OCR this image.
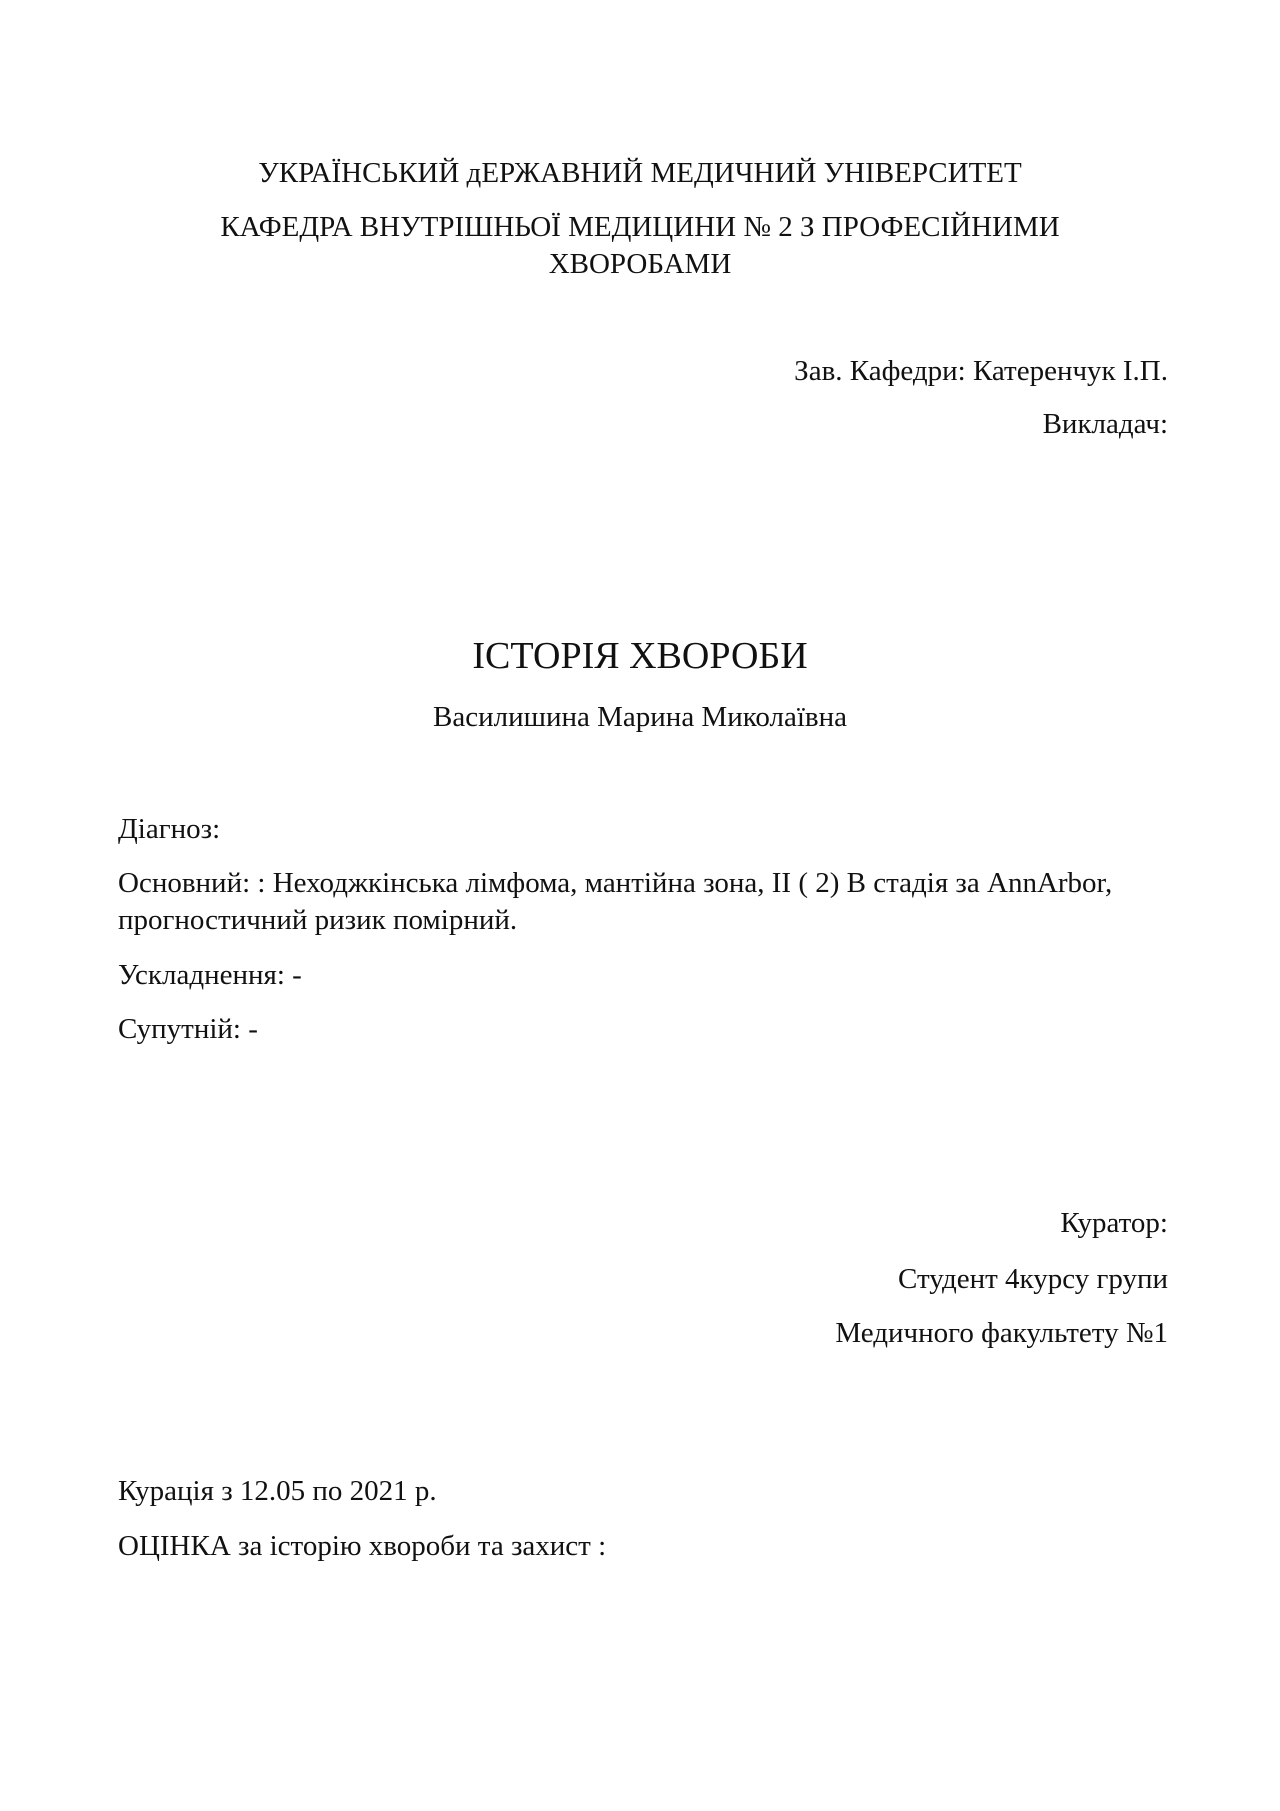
УКРАЇНСЬКИЙ дЕРЖАВНИЙ МЕДИЧНИЙ УНІВЕРСИТЕТ
КАФЕДРА ВНУТРІШНЬОЇ МЕДИЦИНИ № 2 З ПРОФЕСІЙНИМИ
ХВОРОБАМИ
Зав. Кафедри: Катеренчук І.П.
Викладач:
ІСТОРІЯ ХВОРОБИ
Василишина Марина Миколаївна
Діагноз:
Основний: : Неходжкінська лімфома, мантійна зона, ІІ ( 2) В стадія за AnnArbor,
прогностичний ризик помірний.
Ускладнення: -
Супутній: -
Куратор:
Студент 4курсу групи
Медичного факультету №1
Курація з 12.05 по 2021 р.
ОЦІНКА за історію хвороби та захист :
